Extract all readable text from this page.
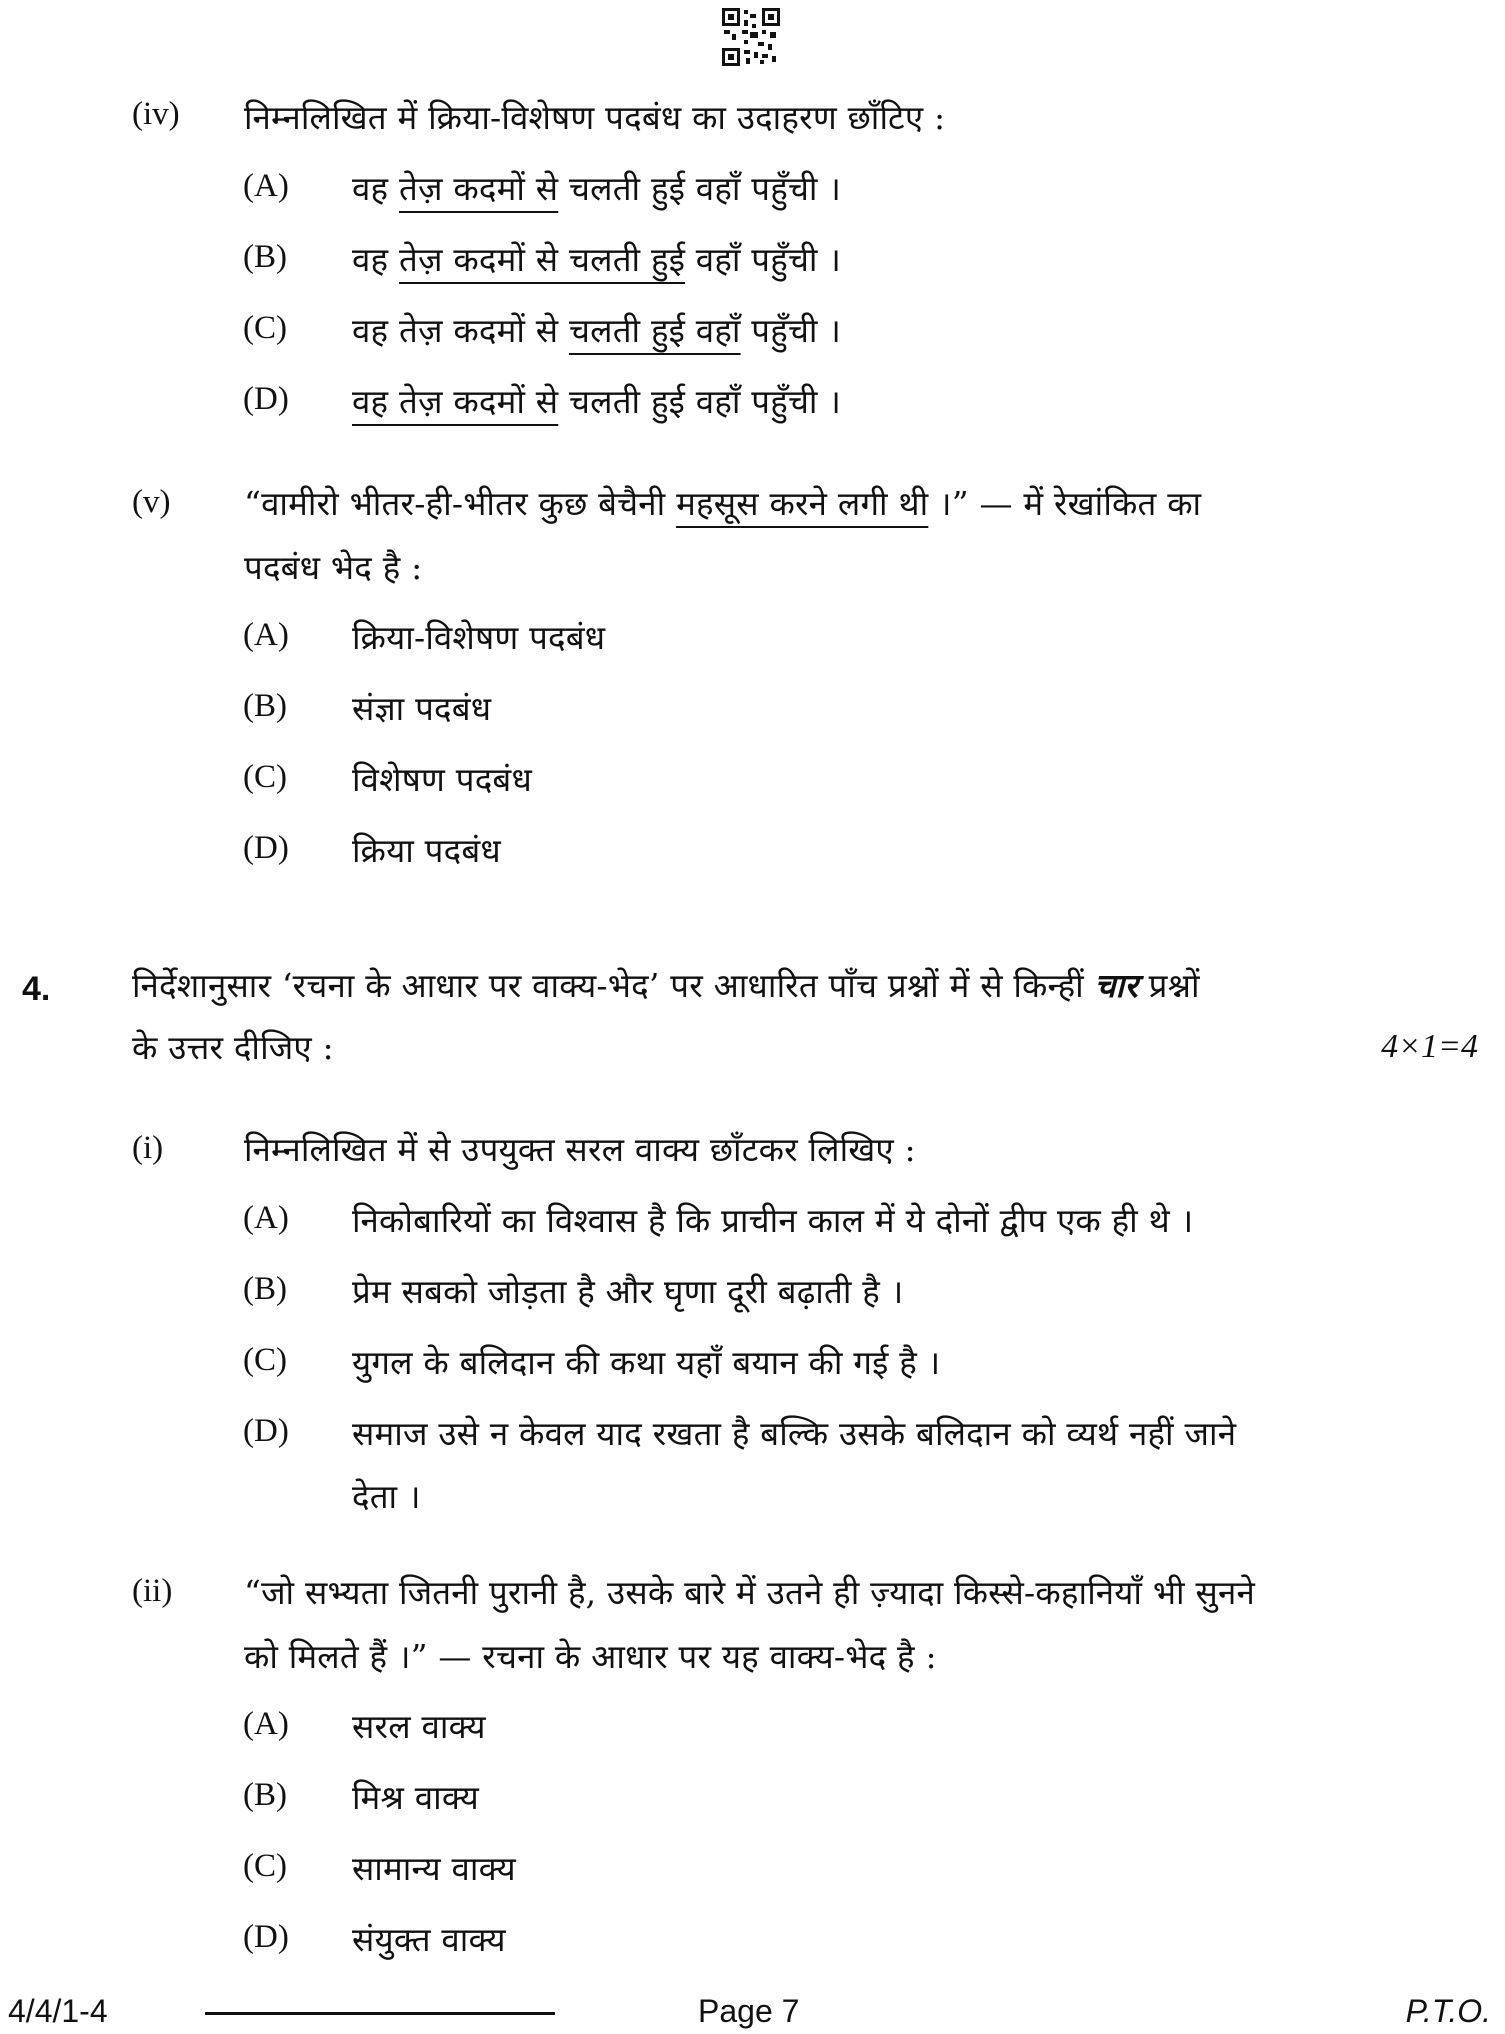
(iv) निम्नलिखित में क्रिया-विशेषण पदबंध का उदाहरण छाँटिए :
(A) वह तेज़ कदमों से चलती हुई वहाँ पहुँची ।
(B) वह तेज़ कदमों से चलती हुई वहाँ पहुँची ।
(C) वह तेज़ कदमों से चलती हुई वहाँ पहुँची ।
(D) वह तेज़ कदमों से चलती हुई वहाँ पहुँची ।
(v) “वामीरो भीतर-ही-भीतर कुछ बेचैनी महसूस करने लगी थी ।” — में रेखांकित का
पदबंध भेद है :
(A) क्रिया-विशेषण पदबंध
(B) संज्ञा पदबंध
(C) विशेषण पदबंध
(D) क्रिया पदबंध
4. निर्देशानुसार ‘रचना के आधार पर वाक्य-भेद’ पर आधारित पाँच प्रश्नों में से किन्हीं चार प्रश्नों
के उत्तर दीजिए :	4×1=4
(i) निम्नलिखित में से उपयुक्त सरल वाक्य छाँटकर लिखिए :
(A) निकोबारियों का विश्वास है कि प्राचीन काल में ये दोनों द्वीप एक ही थे ।
(B) प्रेम सबको जोड़ता है और घृणा दूरी बढ़ाती है ।
(C) युगल के बलिदान की कथा यहाँ बयान की गई है ।
(D) समाज उसे न केवल याद रखता है बल्कि उसके बलिदान को व्यर्थ नहीं जाने
देता ।
(ii) “जो सभ्यता जितनी पुरानी है, उसके बारे में उतने ही ज़्यादा किस्से-कहानियाँ भी सुनने
को मिलते हैं ।” — रचना के आधार पर यह वाक्य-भेद है :
(A) सरल वाक्य
(B) मिश्र वाक्य
(C) सामान्य वाक्य
(D) संयुक्त वाक्य
4/4/1-4	Page 7	P.T.O.
